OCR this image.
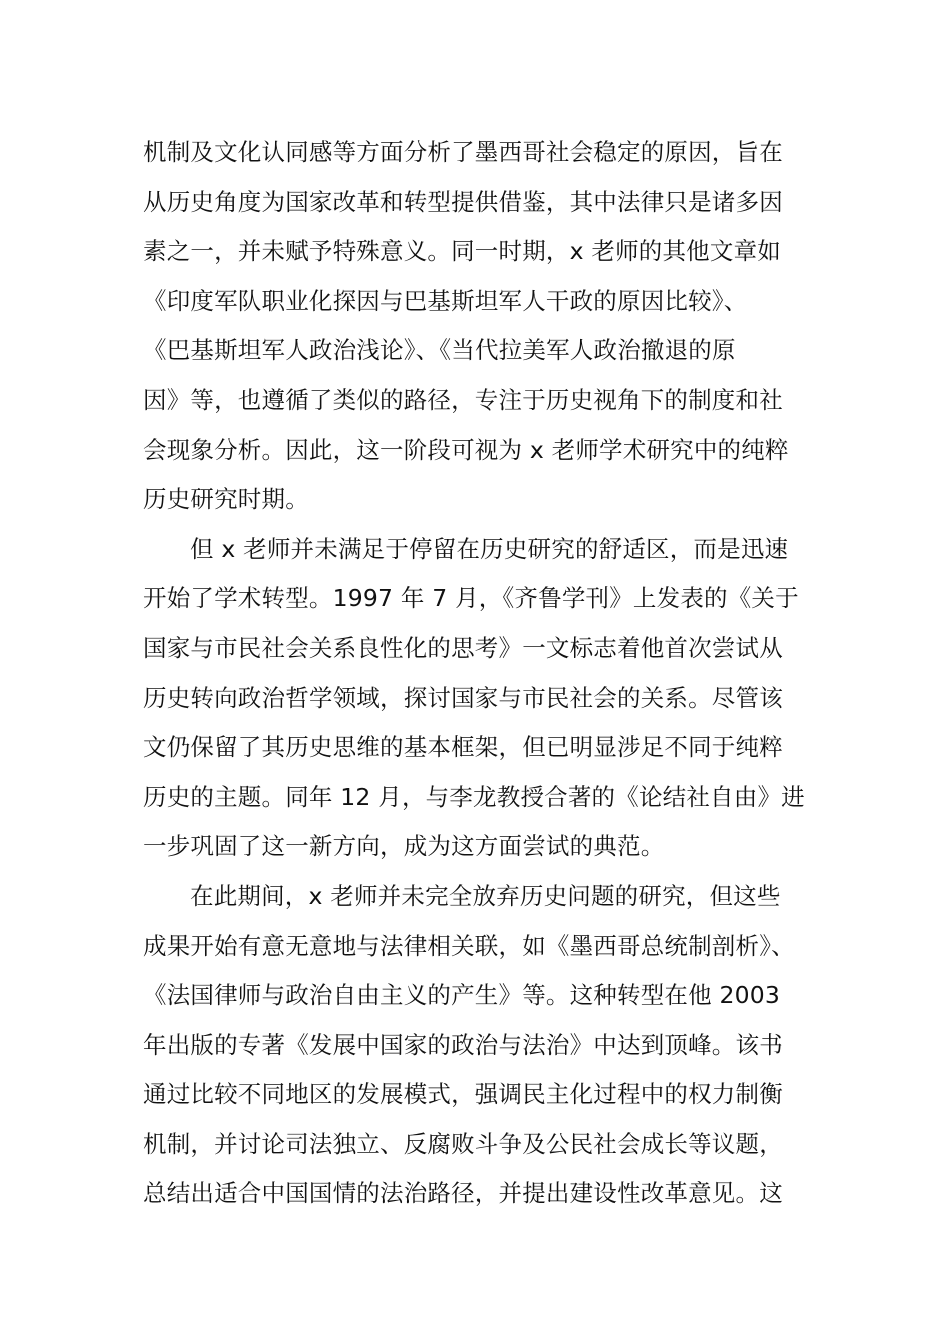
机制及文化认同感等方面分析了墨西哥社会稳定的原因，旨在
从历史角度为国家改革和转型提供借鉴，其中法律只是诸多因
素之一，并未赋予特殊意义。同一时期，x 老师的其他文章如
《印度军队职业化探因与巴基斯坦军人干政的原因比较》、
《巴基斯坦军人政治浅论》、《当代拉美军人政治撤退的原
因》等，也遵循了类似的路径，专注于历史视角下的制度和社
会现象分析。因此，这一阶段可视为 x 老师学术研究中的纯粹
历史研究时期。
但 x 老师并未满足于停留在历史研究的舒适区，而是迅速
开始了学术转型。1997 年 7 月，《齐鲁学刊》上发表的《关于
国家与市民社会关系良性化的思考》一文标志着他首次尝试从
历史转向政治哲学领域，探讨国家与市民社会的关系。尽管该
文仍保留了其历史思维的基本框架，但已明显涉足不同于纯粹
历史的主题。同年 12 月，与李龙教授合著的《论结社自由》进
一步巩固了这一新方向，成为这方面尝试的典范。
在此期间，x 老师并未完全放弃历史问题的研究，但这些
成果开始有意无意地与法律相关联，如《墨西哥总统制剖析》、
《法国律师与政治自由主义的产生》等。这种转型在他 2003
年出版的专著《发展中国家的政治与法治》中达到顶峰。该书
通过比较不同地区的发展模式，强调民主化过程中的权力制衡
机制，并讨论司法独立、反腐败斗争及公民社会成长等议题，
总结出适合中国国情的法治路径，并提出建设性改革意见。这
